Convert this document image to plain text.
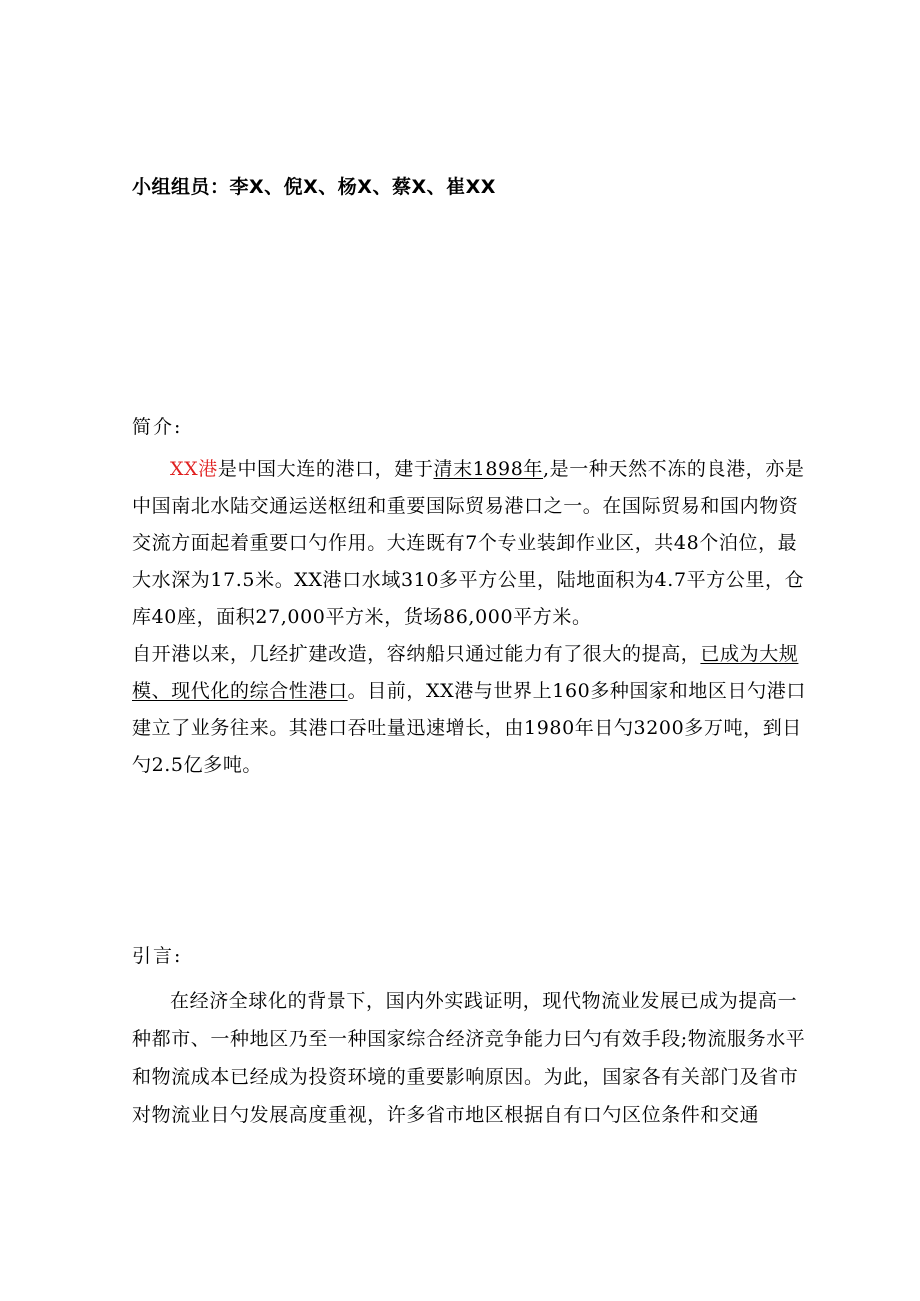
小组组员：李X、倪X、杨X、蔡X、崔XX
简介:

XX港是中国大连的港口，建于清末1898年,是一种天然不冻的良港，亦是中国南北水陆交通运送枢纽和重要国际贸易港口之一。在国际贸易和国内物资交流方面起着重要口勺作用。大连既有7个专业装卸作业区，共48个泊位，最大水深为17.5米。XX港口水域310多平方公里，陆地面积为4.7平方公里，仓库40座，面积27,000平方米，货场86,000平方米。

自开港以来，几经扩建改造，容纳船只通过能力有了很大的提高，已成为大规模、现代化的综合性港口。目前，XX港与世界上160多种国家和地区日勺港口建立了业务往来。其港口吞吐量迅速增长，由1980年日勺3200多万吨，到日勺2.5亿多吨。

引言:

在经济全球化的背景下，国内外实践证明，现代物流业发展已成为提高一种都市、一种地区乃至一种国家综合经济竞争能力曰勺有效手段;物流服务水平和物流成本已经成为投资环境的重要影响原因。为此，国家各有关部门及省市对物流业日勺发展高度重视，许多省市地区根据自有口勺区位条件和交通
